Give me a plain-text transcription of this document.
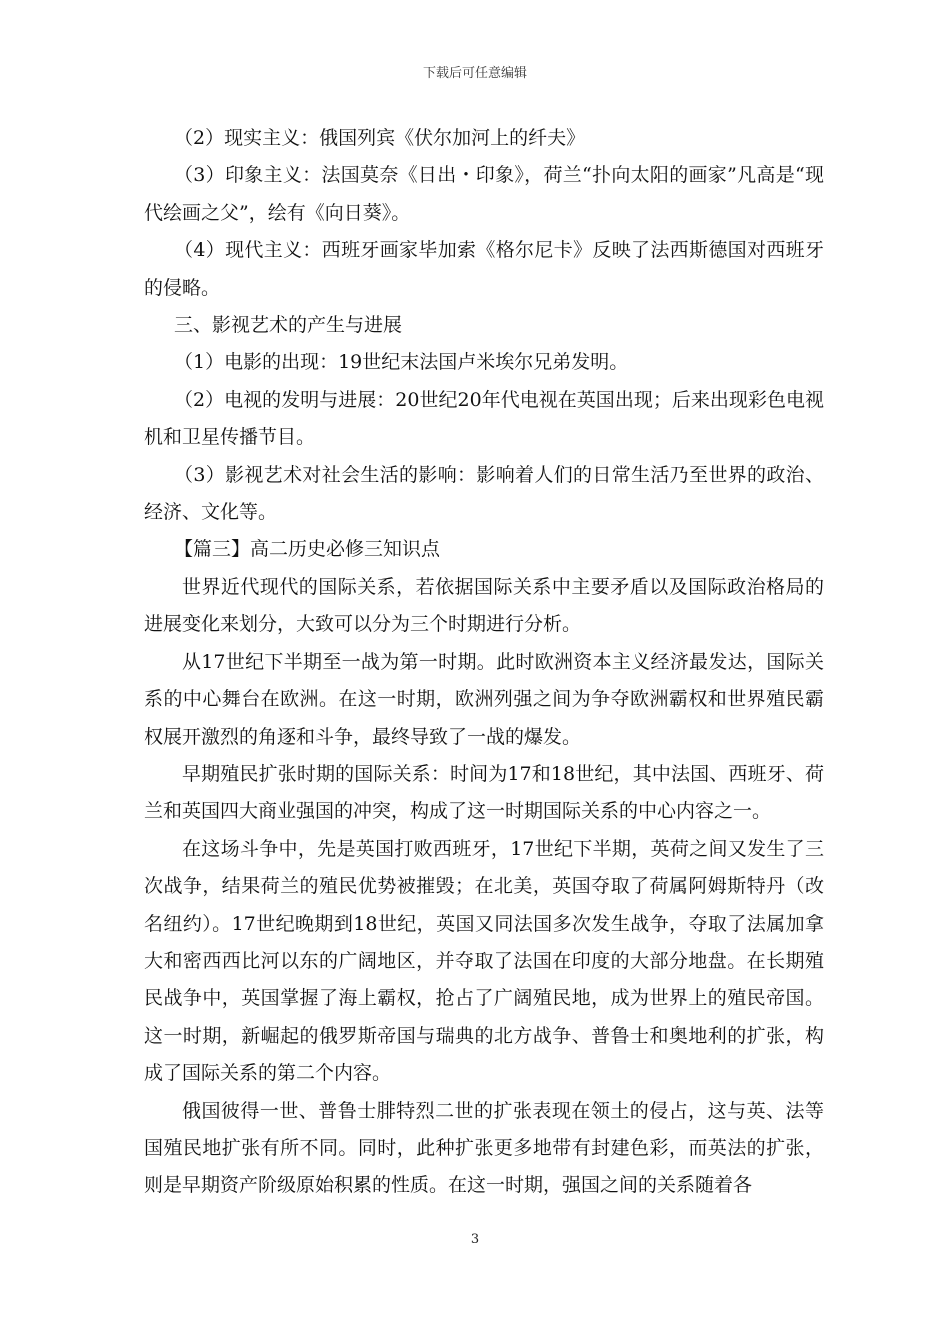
下载后可任意编辑

（2）现实主义：俄国列宾《伏尔加河上的纤夫》

（3）印象主义：法国莫奈《日出・印象》，荷兰“扑向太阳的画家”凡高是“现代绘画之父”，绘有《向日葵》。

（4）现代主义：西班牙画家毕加索《格尔尼卡》反映了法西斯德国对西班牙的侵略。

三、影视艺术的产生与进展

（1）电影的出现：19世纪末法国卢米埃尔兄弟发明。

（2）电视的发明与进展：20世纪20年代电视在英国出现；后来出现彩色电视机和卫星传播节目。

（3）影视艺术对社会生活的影响：影响着人们的日常生活乃至世界的政治、经济、文化等。

【篇三】高二历史必修三知识点

世界近代现代的国际关系，若依据国际关系中主要矛盾以及国际政治格局的进展变化来划分，大致可以分为三个时期进行分析。

从17世纪下半期至一战为第一时期。此时欧洲资本主义经济最发达，国际关系的中心舞台在欧洲。在这一时期，欧洲列强之间为争夺欧洲霸权和世界殖民霸权展开激烈的角逐和斗争，最终导致了一战的爆发。

早期殖民扩张时期的国际关系：时间为17和18世纪，其中法国、西班牙、荷兰和英国四大商业强国的冲突，构成了这一时期国际关系的中心内容之一。

在这场斗争中，先是英国打败西班牙，17世纪下半期，英荷之间又发生了三次战争，结果荷兰的殖民优势被摧毁；在北美，英国夺取了荷属阿姆斯特丹（改名纽约）。17世纪晚期到18世纪，英国又同法国多次发生战争，夺取了法属加拿大和密西西比河以东的广阔地区，并夺取了法国在印度的大部分地盘。在长期殖民战争中，英国掌握了海上霸权，抢占了广阔殖民地，成为世界上的殖民帝国。这一时期，新崛起的俄罗斯帝国与瑞典的北方战争、普鲁士和奥地利的扩张，构成了国际关系的第二个内容。

俄国彼得一世、普鲁士腓特烈二世的扩张表现在领土的侵占，这与英、法等国殖民地扩张有所不同。同时，此种扩张更多地带有封建色彩，而英法的扩张，则是早期资产阶级原始积累的性质。在这一时期，强国之间的关系随着各

3
